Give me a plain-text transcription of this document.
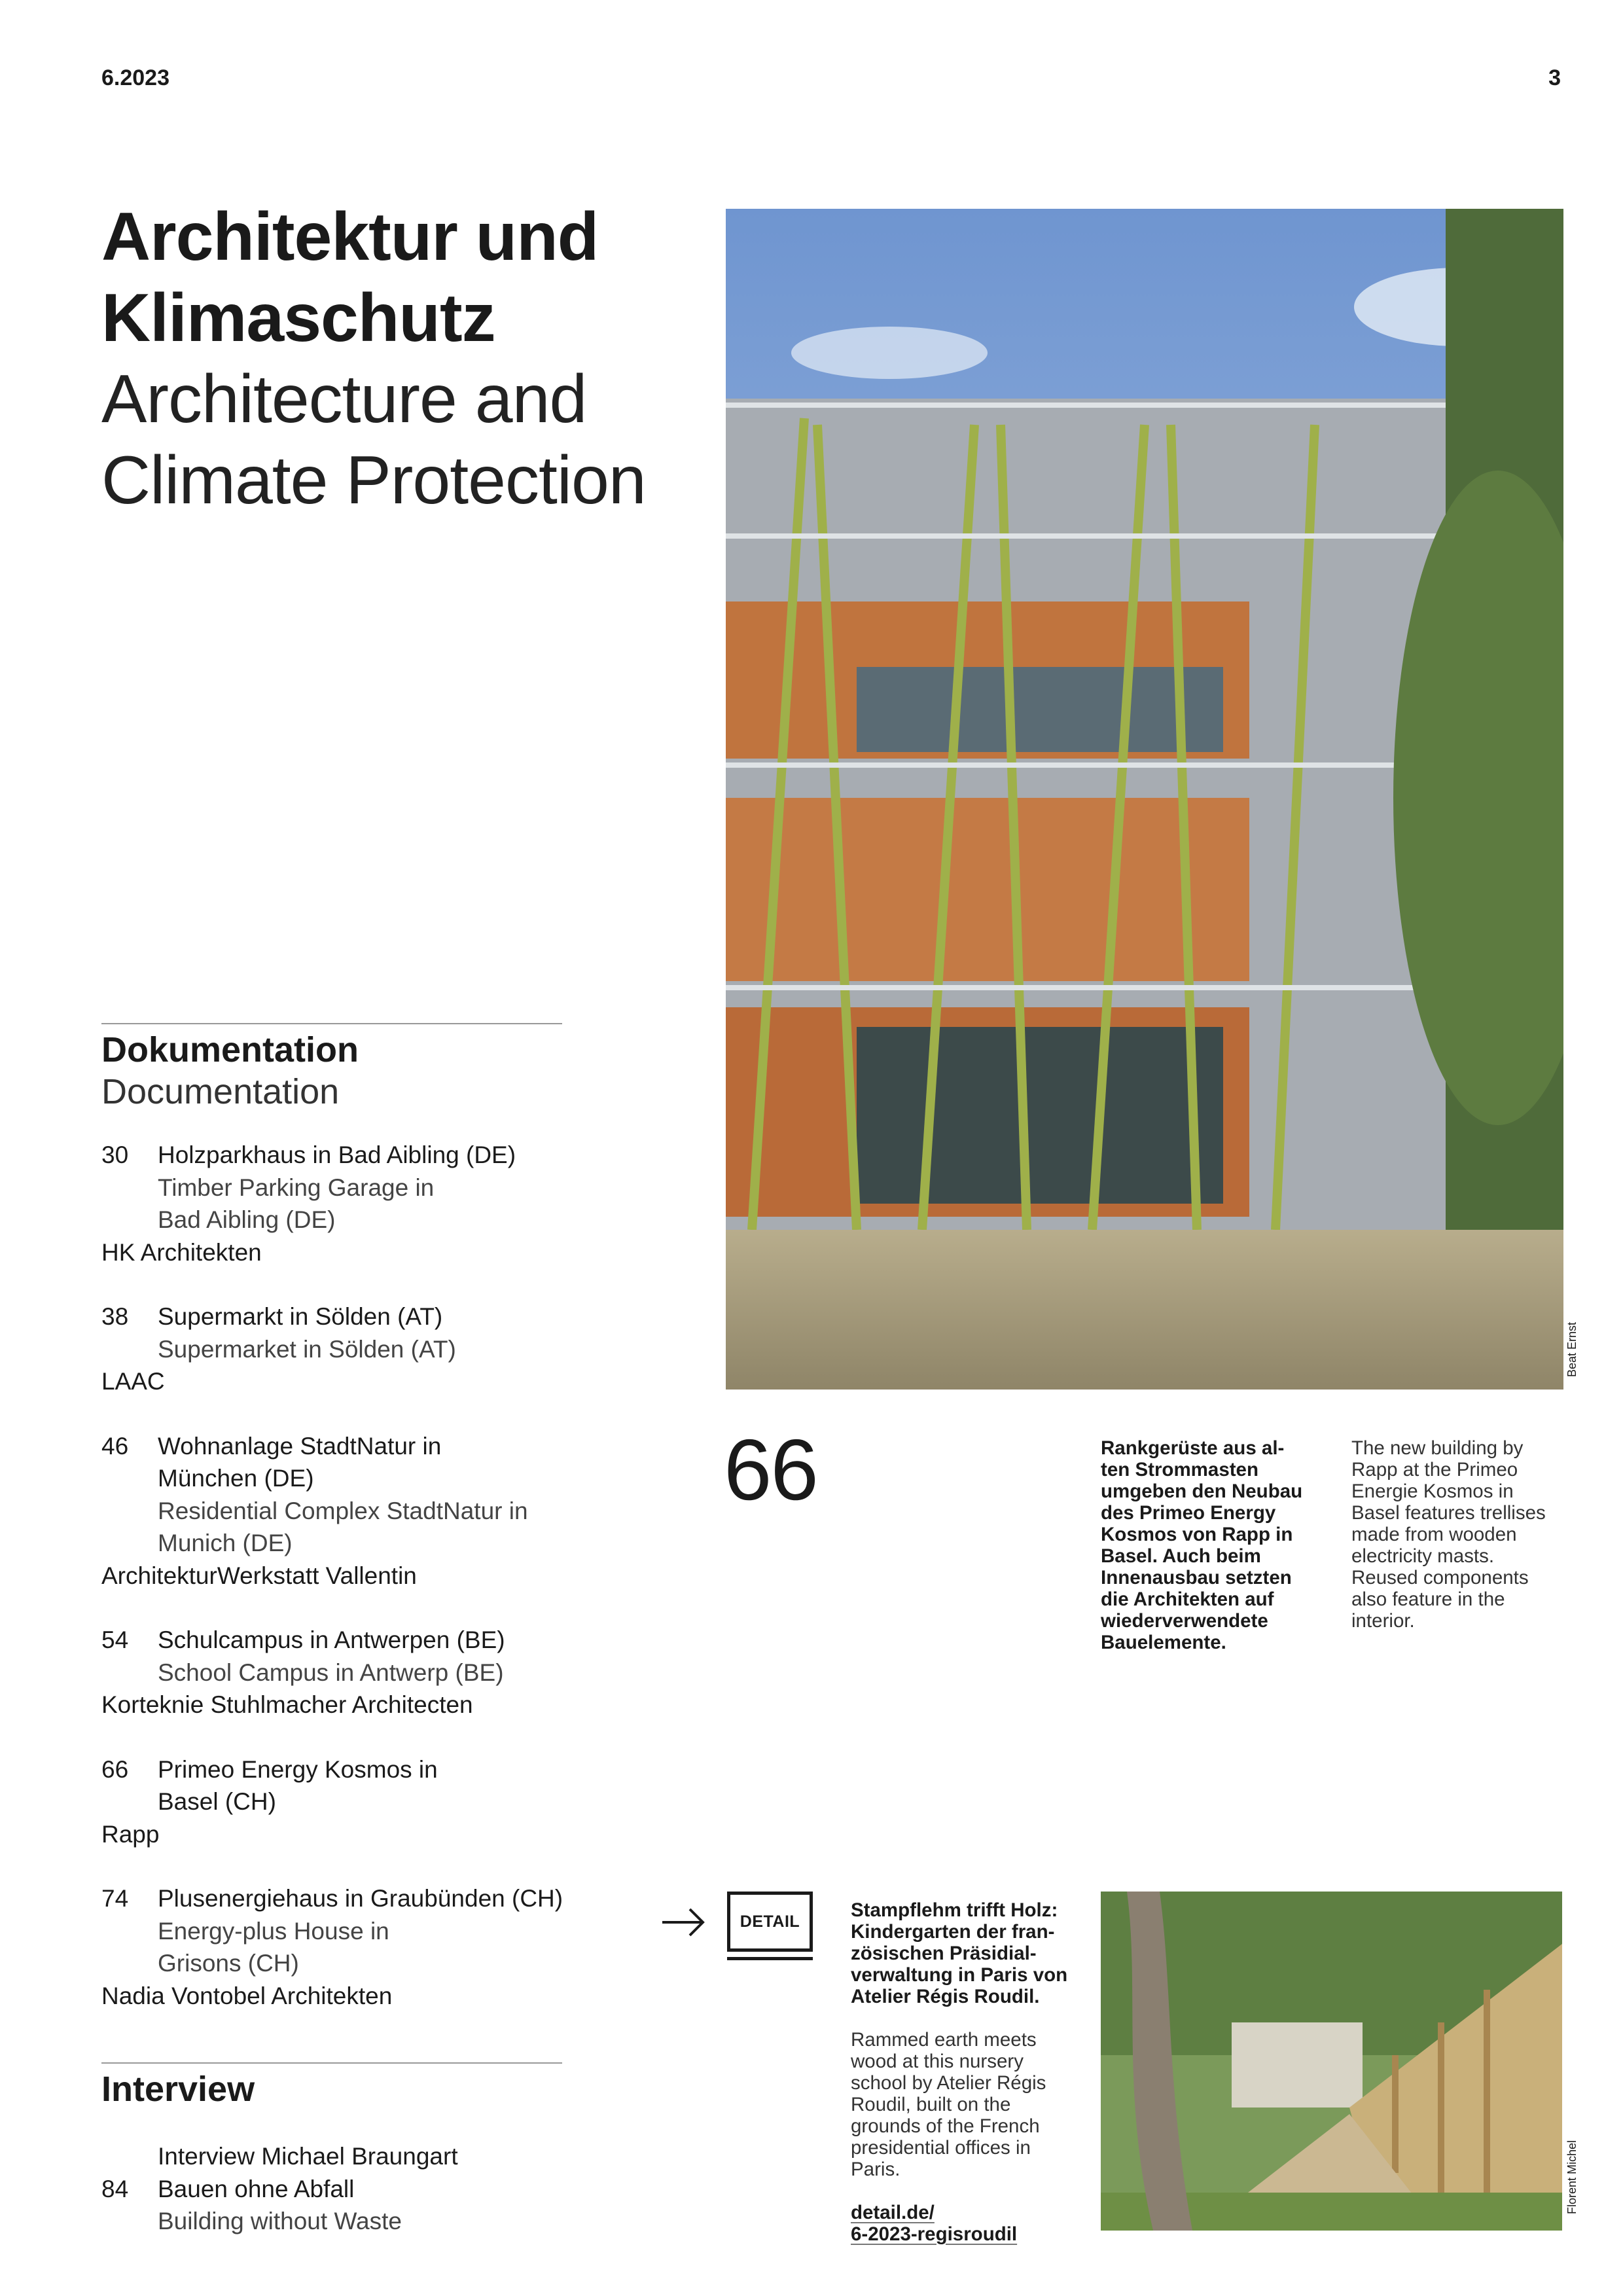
6.2023	3
Architektur und
Klimaschutz
Architecture and
Climate Protection
Dokumentation
Documentation
30	Holzparkhaus in Bad Aibling (DE)
Timber Parking Garage in
Bad Aibling (DE)
HK Architekten
38	Supermarkt in Sölden (AT)
Supermarket in Sölden (AT)
LAAC
46	Wohnanlage StadtNatur in
München (DE)
Residential Complex StadtNatur in
Munich (DE)
ArchitekturWerkstatt Vallentin
54	Schulcampus in Antwerpen (BE)
School Campus in Antwerp (BE)
Korteknie Stuhlmacher Architecten
66	Primeo Energy Kosmos in
Basel (CH)
Rapp
74	Plusenergiehaus in Graubünden (CH)
Energy-plus House in
Grisons (CH)
Nadia Vontobel Architekten
Interview
Interview Michael Braungart
84	Bauen ohne Abfall
Building without Waste
Beat Ernst
66	Rankgerüste aus al-
ten Strommasten
umgeben den Neubau
des Primeo Energy
Kosmos von Rapp in
Basel. Auch beim
Innenausbau setzten
die Architekten auf
wiederverwendete
Bauelemente.
The new building by
Rapp at the Primeo
Energie Kosmos in
Basel features trellises
made from wooden
electricity masts.
Reused components
also feature in the
interior.
DETAIL
Stampflehm trifft Holz:
Kindergarten der fran-
zösischen Präsidial-
verwaltung in Paris von
Atelier Régis Roudil.
Rammed earth meets
wood at this nursery
school by Atelier Régis
Roudil, built on the
grounds of the French
presidential offices in
Paris.
detail.de/
6-2023-regisroudil
Florent Michel
